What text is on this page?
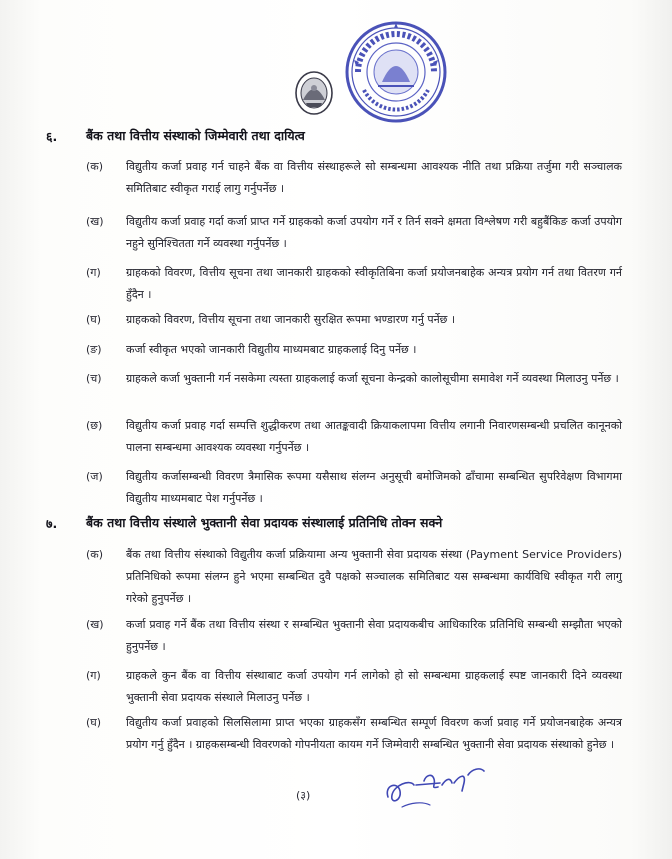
६. बैंक तथा वित्तीय संस्थाको जिम्मेवारी तथा दायित्व
(क) विद्युतीय कर्जा प्रवाह गर्न चाहने बैंक वा वित्तीय संस्थाहरूले सो सम्बन्धमा आवश्यक नीति तथा प्रक्रिया तर्जुमा गरी सञ्चालक समितिबाट स्वीकृत गराई लागु गर्नुपर्नेछ ।
(ख) विद्युतीय कर्जा प्रवाह गर्दा कर्जा प्राप्त गर्ने ग्राहकको कर्जा उपयोग गर्ने र तिर्न सक्ने क्षमता विश्लेषण गरी बहुबैंकिङ कर्जा उपयोग नहुने सुनिश्चितता गर्ने व्यवस्था गर्नुपर्नेछ ।
(ग) ग्राहकको विवरण, वित्तीय सूचना तथा जानकारी ग्राहकको स्वीकृतिबिना कर्जा प्रयोजनबाहेक अन्यत्र प्रयोग गर्न तथा वितरण गर्न हुँदैन ।
(घ) ग्राहकको विवरण, वित्तीय सूचना तथा जानकारी सुरक्षित रूपमा भण्डारण गर्नु पर्नेछ ।
(ङ) कर्जा स्वीकृत भएको जानकारी विद्युतीय माध्यमबाट ग्राहकलाई दिनु पर्नेछ ।
(च) ग्राहकले कर्जा भुक्तानी गर्न नसकेमा त्यस्ता ग्राहकलाई कर्जा सूचना केन्द्रको कालोसूचीमा समावेश गर्ने व्यवस्था मिलाउनु पर्नेछ ।
(छ) विद्युतीय कर्जा प्रवाह गर्दा सम्पत्ति शुद्धीकरण तथा आतङ्कवादी क्रियाकलापमा वित्तीय लगानी निवारणसम्बन्धी प्रचलित कानूनको पालना सम्बन्धमा आवश्यक व्यवस्था गर्नुपर्नेछ ।
(ज) विद्युतीय कर्जासम्बन्धी विवरण त्रैमासिक रूपमा यसैसाथ संलग्न अनुसूची बमोजिमको ढाँचामा सम्बन्धित सुपरिवेक्षण विभागमा विद्युतीय माध्यमबाट पेश गर्नुपर्नेछ ।
७. बैंक तथा वित्तीय संस्थाले भुक्तानी सेवा प्रदायक संस्थालाई प्रतिनिधि तोक्न सक्ने
(क) बैंक तथा वित्तीय संस्थाको विद्युतीय कर्जा प्रक्रियामा अन्य भुक्तानी सेवा प्रदायक संस्था (Payment Service Providers) प्रतिनिधिको रूपमा संलग्न हुने भएमा सम्बन्धित दुवै पक्षको सञ्चालक समितिबाट यस सम्बन्धमा कार्यविधि स्वीकृत गरी लागु गरेको हुनुपर्नेछ ।
(ख) कर्जा प्रवाह गर्ने बैंक तथा वित्तीय संस्था र सम्बन्धित भुक्तानी सेवा प्रदायकबीच आधिकारिक प्रतिनिधि सम्बन्धी सम्झौता भएको हुनुपर्नेछ ।
(ग) ग्राहकले कुन बैंक वा वित्तीय संस्थाबाट कर्जा उपयोग गर्न लागेको हो सो सम्बन्धमा ग्राहकलाई स्पष्ट जानकारी दिने व्यवस्था भुक्तानी सेवा प्रदायक संस्थाले मिलाउनु पर्नेछ ।
(घ) विद्युतीय कर्जा प्रवाहको सिलसिलामा प्राप्त भएका ग्राहकसँग सम्बन्धित सम्पूर्ण विवरण कर्जा प्रवाह गर्ने प्रयोजनबाहेक अन्यत्र प्रयोग गर्नु हुँदैन । ग्राहकसम्बन्धी विवरणको गोपनीयता कायम गर्ने जिम्मेवारी सम्बन्धित भुक्तानी सेवा प्रदायक संस्थाको हुनेछ ।
(३)
